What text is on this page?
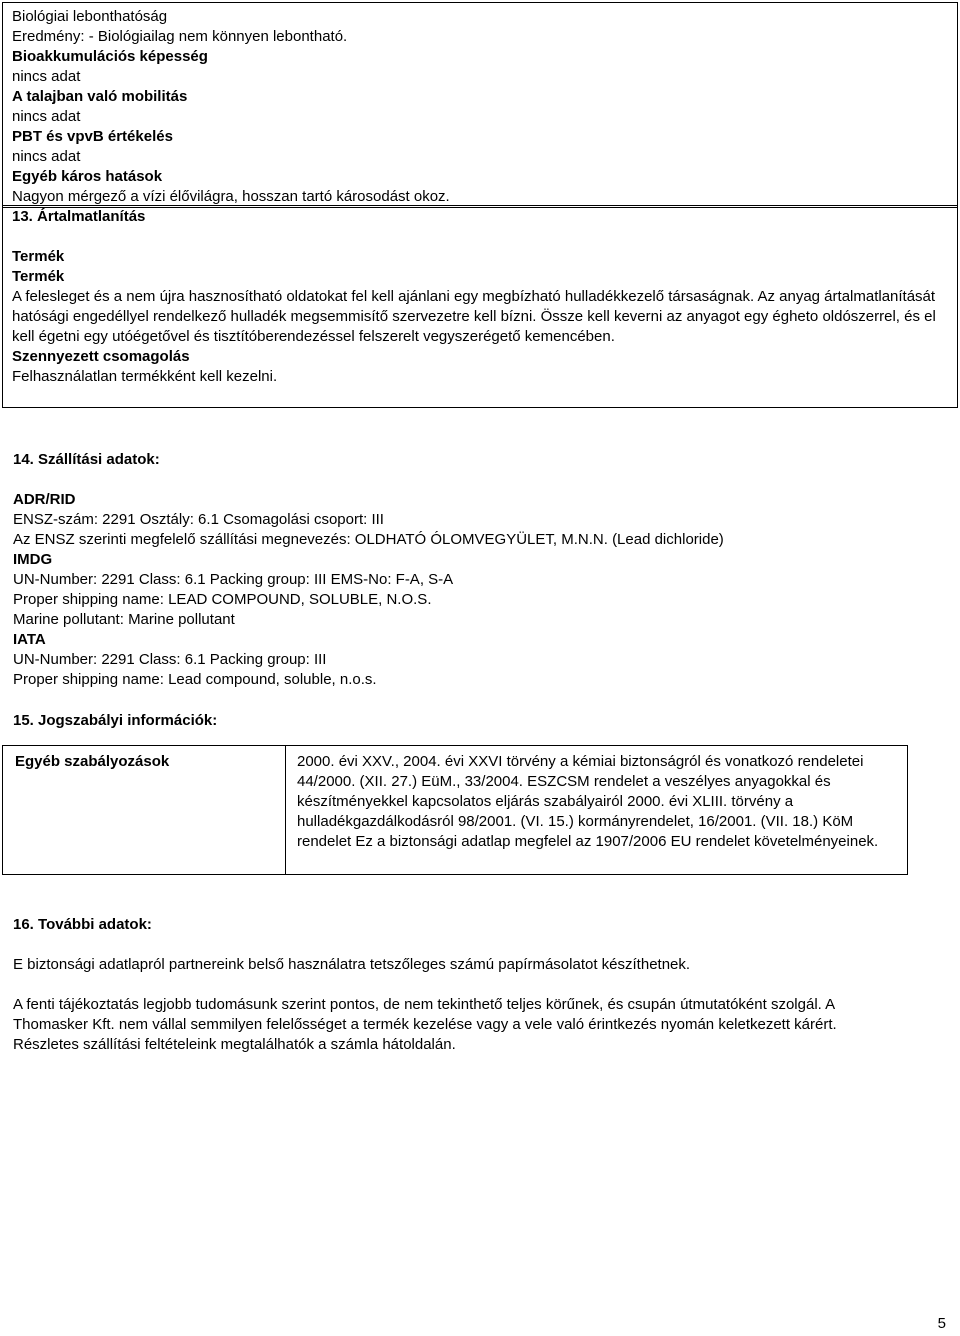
Biológiai lebonthatóság
Eredmény: - Biológiailag nem könnyen lebontható.
Bioakkumulációs képesség
nincs adat
A talajban való mobilitás
nincs adat
PBT és vpvB értékelés
nincs adat
Egyéb káros hatások
Nagyon mérgező a vízi élővilágra, hosszan tartó károsodást okoz.
13. Ártalmatlanítás
Termék
Termék

A felesleget és a nem újra hasznosítható oldatokat fel kell ajánlani egy megbízható hulladékkezelő társaságnak. Az anyag ártalmatlanítását hatósági engedéllyel rendelkező hulladék megsemmisítő szervezetre kell bízni. Össze kell keverni az anyagot egy égheto oldószerrel, és el kell égetni egy utóégetővel és tisztítóberendezéssel felszerelt vegyszerégető kemencében.

Szennyezett csomagolás
Felhasználatlan termékként kell kezelni.
14. Szállítási adatok:
ADR/RID
ENSZ-szám: 2291 Osztály: 6.1 Csomagolási csoport: III
Az ENSZ szerinti megfelelő szállítási megnevezés: OLDHATÓ ÓLOMVEGYÜLET, M.N.N. (Lead dichloride)
IMDG
UN-Number: 2291 Class: 6.1 Packing group: III EMS-No: F-A, S-A
Proper shipping name: LEAD COMPOUND, SOLUBLE, N.O.S.
Marine pollutant: Marine pollutant
IATA
UN-Number: 2291 Class: 6.1 Packing group: III
Proper shipping name: Lead compound, soluble, n.o.s.
15. Jogszabályi információk:
Egyéb szabályozások	2000. évi XXV., 2004. évi XXVI törvény a kémiai biztonságról és vonatkozó rendeletei 44/2000. (XII. 27.) EüM., 33/2004. ESZCSM rendelet a veszélyes anyagokkal és készítményekkel kapcsolatos eljárás szabályairól 2000. évi XLIII. törvény a hulladékgazdálkodásról 98/2001. (VI. 15.) kormányrendelet, 16/2001. (VII. 18.) KöM rendelet Ez a biztonsági adatlap megfelel az 1907/2006 EU rendelet követelményeinek.
16. További adatok:
E biztonsági adatlapról partnereink belső használatra tetszőleges számú papírmásolatot készíthetnek.
A fenti tájékoztatás legjobb tudomásunk szerint pontos, de nem tekinthető teljes körűnek, és csupán útmutatóként szolgál. A Thomasker Kft. nem vállal semmilyen felelősséget a termék kezelése vagy a vele való érintkezés nyomán keletkezett kárért. Részletes szállítási feltételeink megtalálhatók a számla hátoldalán.
5
